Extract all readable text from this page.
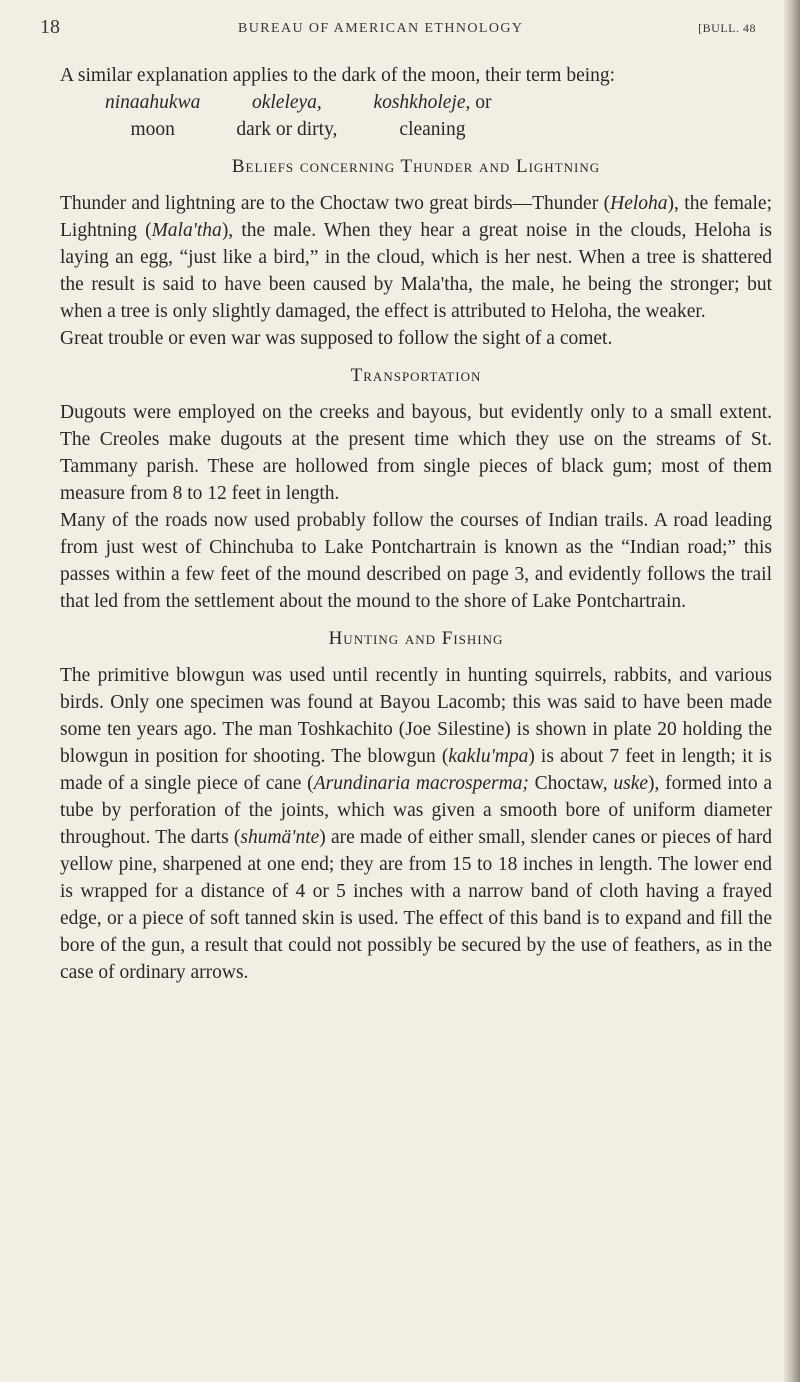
18	BUREAU OF AMERICAN ETHNOLOGY	[BULL. 48

A similar explanation applies to the dark of the moon, their term being:

ninaahukwa
moon
okleleya,
dark or dirty,
koshkholeje, or
cleaning
Beliefs concerning Thunder and Lightning

Thunder and lightning are to the Choctaw two great birds—Thunder (Heloha), the female; Lightning (Mala'tha), the male. When they hear a great noise in the clouds, Heloha is laying an egg, “just like a bird,” in the cloud, which is her nest. When a tree is shattered the result is said to have been caused by Mala'tha, the male, he being the stronger; but when a tree is only slightly damaged, the effect is attributed to Heloha, the weaker.

Great trouble or even war was supposed to follow the sight of a comet.

Transportation

Dugouts were employed on the creeks and bayous, but evidently only to a small extent. The Creoles make dugouts at the present time which they use on the streams of St. Tammany parish. These are hollowed from single pieces of black gum; most of them measure from 8 to 12 feet in length.

Many of the roads now used probably follow the courses of Indian trails. A road leading from just west of Chinchuba to Lake Pontchartrain is known as the “Indian road;” this passes within a few feet of the mound described on page 3, and evidently follows the trail that led from the settlement about the mound to the shore of Lake Pontchartrain.

Hunting and Fishing

The primitive blowgun was used until recently in hunting squirrels, rabbits, and various birds. Only one specimen was found at Bayou Lacomb; this was said to have been made some ten years ago. The man Toshkachito (Joe Silestine) is shown in plate 20 holding the blowgun in position for shooting. The blowgun (kaklu'mpa) is about 7 feet in length; it is made of a single piece of cane (Arundinaria macrosperma; Choctaw, uske), formed into a tube by perforation of the joints, which was given a smooth bore of uniform diameter throughout. The darts (shumä'nte) are made of either small, slender canes or pieces of hard yellow pine, sharpened at one end; they are from 15 to 18 inches in length. The lower end is wrapped for a distance of 4 or 5 inches with a narrow band of cloth having a frayed edge, or a piece of soft tanned skin is used. The effect of this band is to expand and fill the bore of the gun, a result that could not possibly be secured by the use of feathers, as in the case of ordinary arrows.
